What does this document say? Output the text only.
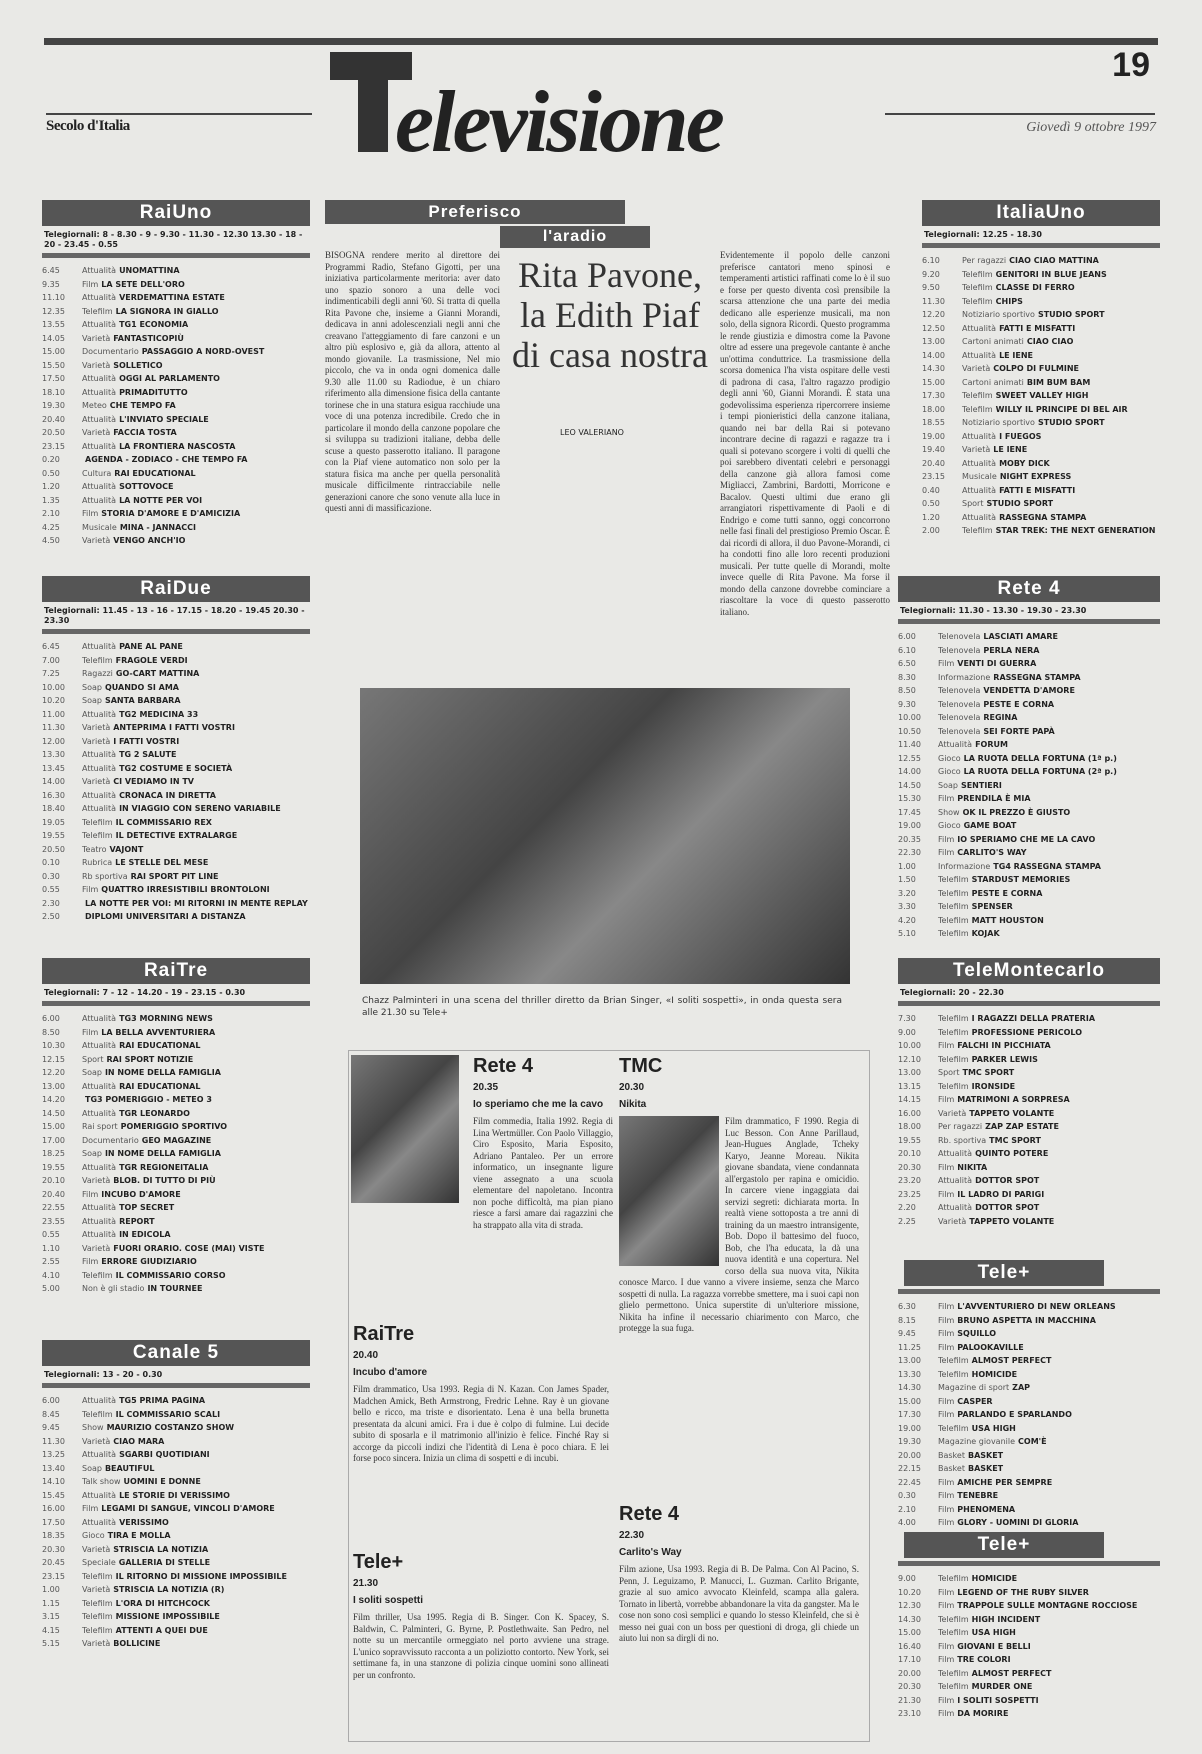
19
Secolo d'Italia	Giovedì 9 ottobre 1997
elevisione
RaiUno
Telegiornali: 8 - 8.30 - 9 - 9.30 - 11.30 - 12.30 13.30 - 18 - 20 - 23.45 - 0.55
6.45	Attualità UNOMATTINA
9.35	Film LA SETE DELL'ORO
11.10 Attualità VERDEMATTINA ESTATE
12.35 Telefilm LA SIGNORA IN GIALLO
13.55 Attualità TG1 ECONOMIA
14.05 Varietà FANTASTICOPIÙ
15.00 Documentario PASSAGGIO A NORD-OVEST
15.50 Varietà SOLLETICO
17.50 Attualità OGGI AL PARLAMENTO
18.10 Attualità PRIMADITUTTO
19.30 Meteo CHE TEMPO FA
20.40 Attualità L'INVIATO SPECIALE
20.50 Varietà FACCIA TOSTA
23.15 Attualità LA FRONTIERA NASCOSTA
0.20	AGENDA - ZODIACO - CHE TEMPO FA
0.50	Cultura RAI EDUCATIONAL
1.20	Attualità SOTTOVOCE
1.35	Attualità LA NOTTE PER VOI
2.10	Film STORIA D'AMORE E D'AMICIZIA
4.25	Musicale MINA - JANNACCI
4.50	Varietà VENGO ANCH'IO
RaiDue
Telegiornali: 11.45 - 13 - 16 - 17.15 - 18.20 - 19.45 20.30 - 23.30
6.45	Attualità PANE AL PANE
7.00	Telefilm FRAGOLE VERDI
7.25	Ragazzi GO-CART MATTINA
10.00 Soap QUANDO SI AMA
10.20 Soap SANTA BARBARA
11.00 Attualità TG2 MEDICINA 33
11.30 Varietà ANTEPRIMA I FATTI VOSTRI
12.00 Varietà I FATTI VOSTRI
13.30 Attualità TG 2 SALUTE
13.45 Attualità TG2 COSTUME E SOCIETÀ
14.00 Varietà CI VEDIAMO IN TV
16.30 Attualità CRONACA IN DIRETTA
18.40 Attualità IN VIAGGIO CON SERENO VARIABILE
19.05 Telefilm IL COMMISSARIO REX
19.55 Telefilm IL DETECTIVE EXTRALARGE
20.50 Teatro VAJONT
0.10	Rubrica LE STELLE DEL MESE
0.30	Rb sportiva RAI SPORT PIT LINE
0.55	Film QUATTRO IRRESISTIBILI BRONTOLONI
2.30	LA NOTTE PER VOI: MI RITORNI IN MENTE REPLAY
2.50	DIPLOMI UNIVERSITARI A DISTANZA
RaiTre
Telegiornali: 7 - 12 - 14.20 - 19 - 23.15 - 0.30
6.00	Attualità TG3 MORNING NEWS
8.50	Film LA BELLA AVVENTURIERA
10.30 Attualità RAI EDUCATIONAL
12.15 Sport RAI SPORT NOTIZIE
12.20 Soap IN NOME DELLA FAMIGLIA
13.00 Attualità RAI EDUCATIONAL
14.20	TG3 POMERIGGIO - METEO 3
14.50 Attualità TGR LEONARDO
15.00 Rai sport POMERIGGIO SPORTIVO
17.00 Documentario GEO MAGAZINE
18.25 Soap IN NOME DELLA FAMIGLIA
19.55 Attualità TGR REGIONEITALIA
20.10 Varietà BLOB. DI TUTTO DI PIÙ
20.40 Film INCUBO D'AMORE
22.55 Attualità TOP SECRET
23.55 Attualità REPORT
0.55	Attualità IN EDICOLA
1.10	Varietà FUORI ORARIO. COSE (MAI) VISTE
2.55	Film ERRORE GIUDIZIARIO
4.10	Telefilm IL COMMISSARIO CORSO
5.00	Non è gli stadio IN TOURNEE
Canale 5
Telegiornali: 13 - 20 - 0.30
6.00	Attualità TG5 PRIMA PAGINA
8.45	Telefilm IL COMMISSARIO SCALI
9.45	Show MAURIZIO COSTANZO SHOW
11.30 Varietà CIAO MARA
13.25 Attualità SGARBI QUOTIDIANI
13.40 Soap BEAUTIFUL
14.10 Talk show UOMINI E DONNE
15.45 Attualità LE STORIE DI VERISSIMO
16.00 Film LEGAMI DI SANGUE, VINCOLI D'AMORE
17.50 Attualità VERISSIMO
18.35 Gioco TIRA E MOLLA
20.30 Varietà STRISCIA LA NOTIZIA
20.45 Speciale GALLERIA DI STELLE
23.15 Telefilm IL RITORNO DI MISSIONE IMPOSSIBILE
1.00	Varietà STRISCIA LA NOTIZIA (R)
1.15	Telefilm L'ORA DI HITCHCOCK
3.15	Telefilm MISSIONE IMPOSSIBILE
4.15	Telefilm ATTENTI A QUEI DUE
5.15	Varietà BOLLICINE
ItaliaUno
Telegiornali: 12.25 - 18.30
6.10	Per ragazzi CIAO CIAO MATTINA
9.20	Telefilm GENITORI IN BLUE JEANS
9.50	Telefilm CLASSE DI FERRO
11.30 Telefilm CHIPS
12.20 Notiziario sportivo STUDIO SPORT
12.50 Attualità FATTI E MISFATTI
13.00 Cartoni animati CIAO CIAO
14.00 Attualità LE IENE
14.30 Varietà COLPO DI FULMINE
15.00 Cartoni animati BIM BUM BAM
17.30 Telefilm SWEET VALLEY HIGH
18.00 Telefilm WILLY IL PRINCIPE DI BEL AIR
18.55 Notiziario sportivo STUDIO SPORT
19.00 Attualità I FUEGOS
19.40 Varietà LE IENE
20.40 Attualità MOBY DICK
23.15 Musicale NIGHT EXPRESS
0.40	Attualità FATTI E MISFATTI
0.50	Sport STUDIO SPORT
1.20	Attualità RASSEGNA STAMPA
2.00	Telefilm STAR TREK: THE NEXT GENERATION
Rete 4
Telegiornali: 11.30 - 13.30 - 19.30 - 23.30
6.00	Telenovela LASCIATI AMARE
6.10	Telenovela PERLA NERA
6.50	Film VENTI DI GUERRA
8.30	Informazione RASSEGNA STAMPA
8.50	Telenovela VENDETTA D'AMORE
9.30	Telenovela PESTE E CORNA
10.00 Telenovela REGINA
10.50 Telenovela SEI FORTE PAPÀ
11.40 Attualità FORUM
12.55 Gioco LA RUOTA DELLA FORTUNA (1ª p.)
14.00 Gioco LA RUOTA DELLA FORTUNA (2ª p.)
14.50 Soap SENTIERI
15.30 Film PRENDILA È MIA
17.45 Show OK IL PREZZO È GIUSTO
19.00 Gioco GAME BOAT
20.35 Film IO SPERIAMO CHE ME LA CAVO
22.30 Film CARLITO'S WAY
1.00	Informazione TG4 RASSEGNA STAMPA
1.50	Telefilm STARDUST MEMORIES
3.20	Telefilm PESTE E CORNA
3.30	Telefilm SPENSER
4.20	Telefilm MATT HOUSTON
5.10	Telefilm KOJAK
TeleMontecarlo
Telegiornali: 20 - 22.30
7.30	Telefilm I RAGAZZI DELLA PRATERIA
9.00	Telefilm PROFESSIONE PERICOLO
10.00 Film FALCHI IN PICCHIATA
12.10 Telefilm PARKER LEWIS
13.00 Sport TMC SPORT
13.15 Telefilm IRONSIDE
14.15 Film MATRIMONI A SORPRESA
16.00 Varietà TAPPETO VOLANTE
18.00 Per ragazzi ZAP ZAP ESTATE
19.55 Rb. sportiva TMC SPORT
20.10 Attualità QUINTO POTERE
20.30 Film NIKITA
23.20 Attualità DOTTOR SPOT
23.25 Film IL LADRO DI PARIGI
2.20	Attualità DOTTOR SPOT
2.25	Varietà TAPPETO VOLANTE
Tele+
6.30	Film L'AVVENTURIERO DI NEW ORLEANS
8.15	Film BRUNO ASPETTA IN MACCHINA
9.45	Film SQUILLO
11.25 Film PALOOKAVILLE
13.00 Telefilm ALMOST PERFECT
13.30 Telefilm HOMICIDE
14.30 Magazine di sport ZAP
15.00 Film CASPER
17.30 Film PARLANDO E SPARLANDO
19.00 Telefilm USA HIGH
19.30 Magazine giovanile COM'È
20.00 Basket BASKET
22.15 Basket BASKET
22.45 Film AMICHE PER SEMPRE
0.30	Film TENEBRE
2.10	Film PHENOMENA
4.00	Film GLORY - UOMINI DI GLORIA
Tele+
9.00	Telefilm HOMICIDE
10.20 Film LEGEND OF THE RUBY SILVER
12.30 Film TRAPPOLE SULLE MONTAGNE ROCCIOSE
14.30 Telefilm HIGH INCIDENT
15.00 Telefilm USA HIGH
16.40 Film GIOVANI E BELLI
17.10 Film TRE COLORI
20.00 Telefilm ALMOST PERFECT
20.30 Telefilm MURDER ONE
21.30 Film I SOLITI SOSPETTI
23.10 Film DA MORIRE
Preferisco
l'aradio
BISOGNA rendere merito al direttore dei Programmi Radio, Stefano Gigotti, per una iniziativa particolarmente meritoria: aver dato uno spazio sonoro a una delle voci indimenticabili degli anni '60. Si tratta di quella Rita Pavone che, insieme a Gianni Morandi, dedicava in anni adolescenziali negli anni che creavano l'atteggiamento di fare canzoni e un altro più esplosivo e, già da allora, attento al mondo giovanile. La trasmissione, Nel mio piccolo, che va in onda ogni domenica dalle 9.30 alle 11.00 su Radiodue, è un chiaro riferimento alla dimensione fisica della cantante torinese che in una statura esigua racchiude una voce di una potenza incredibile. Credo che in particolare il mondo della canzone popolare che si sviluppa su tradizioni italiane, debba delle scuse a questo passerotto italiano. Il paragone con la Piaf viene automatico non solo per la statura fisica ma anche per quella personalità musicale difficilmente rintracciabile nelle generazioni canore che sono venute alla luce in questi anni di massificazione.
Rita Pavone, la Edith Piaf di casa nostra
LEO VALERIANO
Evidentemente il popolo delle canzoni preferisce cantatori meno spinosi e temperamenti artistici raffinati come lo è il suo e forse per questo diventa così prensibile la scarsa attenzione che una parte dei media dedicano alle esperienze musicali, ma non solo, della signora Ricordi. Questo programma le rende giustizia e dimostra come la Pavone oltre ad essere una pregevole cantante è anche un'ottima conduttrice. La trasmissione della scorsa domenica l'ha vista ospitare delle vesti di padrona di casa, l'altro ragazzo prodigio degli anni '60, Gianni Morandi. È stata una godevolissima esperienza ripercorrere insieme i tempi pionieristici della canzone italiana, quando nei bar della Rai si potevano incontrare decine di ragazzi e ragazze tra i quali si potevano scorgere i volti di quelli che poi sarebbero diventati celebri e personaggi della canzone già allora famosi come Migliacci, Zambrini, Bardotti, Morricone e Bacalov. Questi ultimi due erano gli arrangiatori rispettivamente di Paoli e di Endrigo e come tutti sanno, oggi concorrono nelle fasi finali del prestigioso Premio Oscar. È dai ricordi di allora, il duo Pavone-Morandi, ci ha condotti fino alle loro recenti produzioni musicali. Per tutte quelle di Morandi, molte invece quelle di Rita Pavone. Ma forse il mondo della canzone dovrebbe cominciare a riascoltare la voce di questo passerotto italiano.
Chazz Palminteri in una scena del thriller diretto da Brian Singer, «I soliti sospetti», in onda questa sera alle 21.30 su Tele+
Rete 4
20.35
Io speriamo che me la cavo
Film commedia, Italia 1992. Regia di Lina Wertmüller. Con Paolo Villaggio, Ciro Esposito, Maria Esposito, Adriano Pantaleo. Per un errore informatico, un insegnante ligure viene assegnato a una scuola elementare del napoletano. Incontra non poche difficoltà, ma pian piano riesce a farsi amare dai ragazzini che ha strappato alla vita di strada.
TMC
20.30
Nikita
Film drammatico, F 1990. Regia di Luc Besson. Con Anne Parillaud, Jean-Hugues Anglade, Tcheky Karyo, Jeanne Moreau. Nikita giovane sbandata, viene condannata all'ergastolo per rapina e omicidio. In carcere viene ingaggiata dai servizi segreti: dichiarata morta. In realtà viene sottoposta a tre anni di training da un maestro intransigente, Bob. Dopo il battesimo del fuoco, Bob, che l'ha educata, la dà una nuova identità e una copertura. Nel corso della sua nuova vita, Nikita conosce Marco. I due vanno a vivere insieme, senza che Marco sospetti di nulla. La ragazza vorrebbe smettere, ma i suoi capi non glielo permettono. Unica superstite di un'ulteriore missione, Nikita ha infine il necessario chiarimento con Marco, che protegge la sua fuga.
RaiTre
20.40
Incubo d'amore
Film drammatico, Usa 1993. Regia di N. Kazan. Con James Spader, Madchen Amick, Beth Armstrong, Fredric Lehne. Ray è un giovane bello e ricco, ma triste e disorientato. Lena è una bella brunetta presentata da alcuni amici. Fra i due è colpo di fulmine. Lui decide subito di sposarla e il matrimonio all'inizio è felice. Finché Ray si accorge da piccoli indizi che l'identità di Lena è poco chiara. E lei forse poco sincera. Inizia un clima di sospetti e di incubi.
Rete 4
22.30
Carlito's Way
Film azione, Usa 1993. Regia di B. De Palma. Con Al Pacino, S. Penn, J. Leguizamo, P. Manucci, L. Guzman. Carlito Brigante, grazie al suo amico avvocato Kleinfeld, scampa alla galera. Tornato in libertà, vorrebbe abbandonare la vita da gangster. Ma le cose non sono così semplici e quando lo stesso Kleinfeld, che si è messo nei guai con un boss per questioni di droga, gli chiede un aiuto lui non sa dirgli di no.
Tele+
21.30
I soliti sospetti
Film thriller, Usa 1995. Regia di B. Singer. Con K. Spacey, S. Baldwin, C. Palminteri, G. Byrne, P. Postlethwaite. San Pedro, nel notte su un mercantile ormeggiato nel porto avviene una strage. L'unico sopravvissuto racconta a un poliziotto contorto. New York, sei settimane fa, in una stanzone di polizia cinque uomini sono allineati per un confronto.
